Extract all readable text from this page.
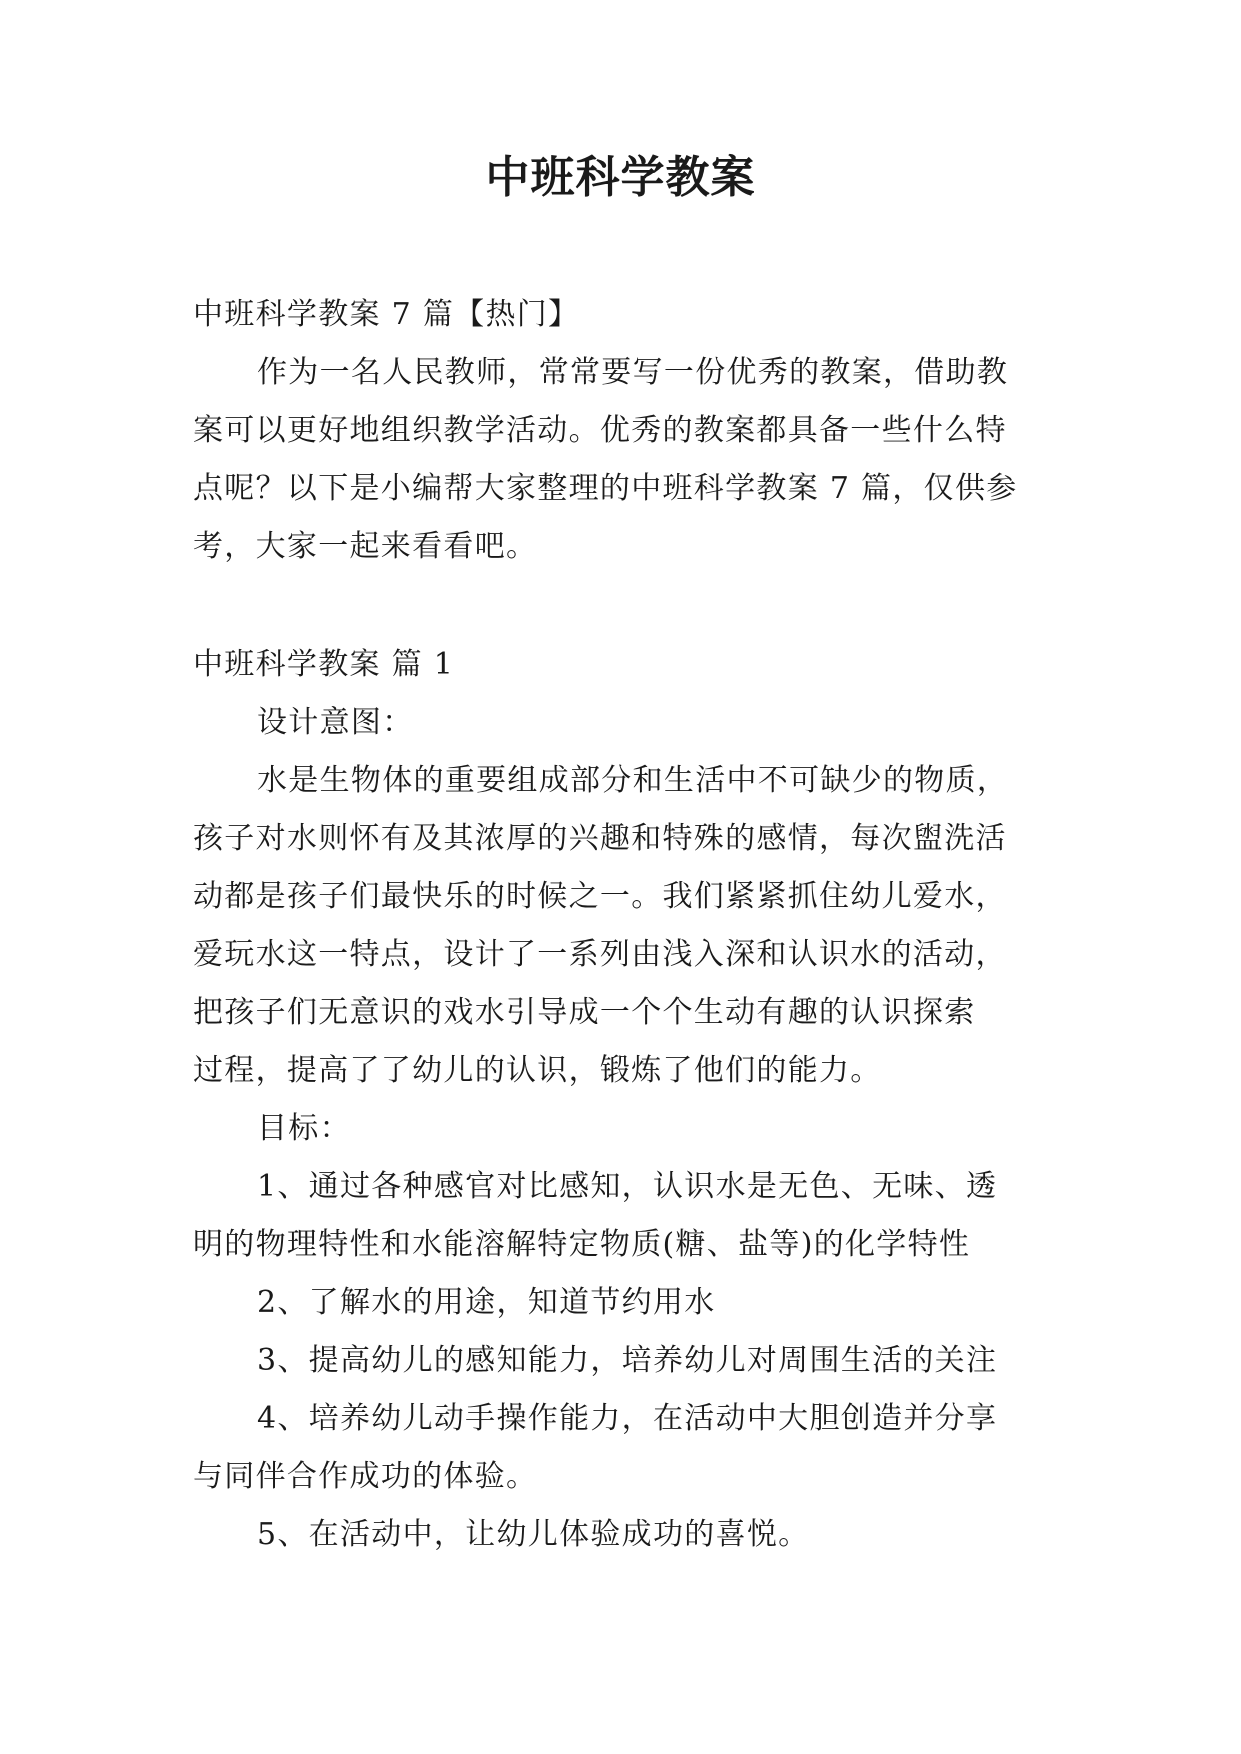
中班科学教案
中班科学教案 7 篇【热门】
作为一名人民教师，常常要写一份优秀的教案，借助教
案可以更好地组织教学活动。优秀的教案都具备一些什么特
点呢？以下是小编帮大家整理的中班科学教案 7 篇，仅供参
考，大家一起来看看吧。
中班科学教案 篇 1
设计意图：
水是生物体的重要组成部分和生活中不可缺少的物质，
孩子对水则怀有及其浓厚的兴趣和特殊的感情，每次盥洗活
动都是孩子们最快乐的时候之一。我们紧紧抓住幼儿爱水，
爱玩水这一特点，设计了一系列由浅入深和认识水的活动，
把孩子们无意识的戏水引导成一个个生动有趣的认识探索
过程，提高了了幼儿的认识，锻炼了他们的能力。
目标：
1、通过各种感官对比感知，认识水是无色、无味、透
明的物理特性和水能溶解特定物质(糖、盐等)的化学特性
2、了解水的用途，知道节约用水
3、提高幼儿的感知能力，培养幼儿对周围生活的关注
4、培养幼儿动手操作能力，在活动中大胆创造并分享
与同伴合作成功的体验。
5、在活动中，让幼儿体验成功的喜悦。
